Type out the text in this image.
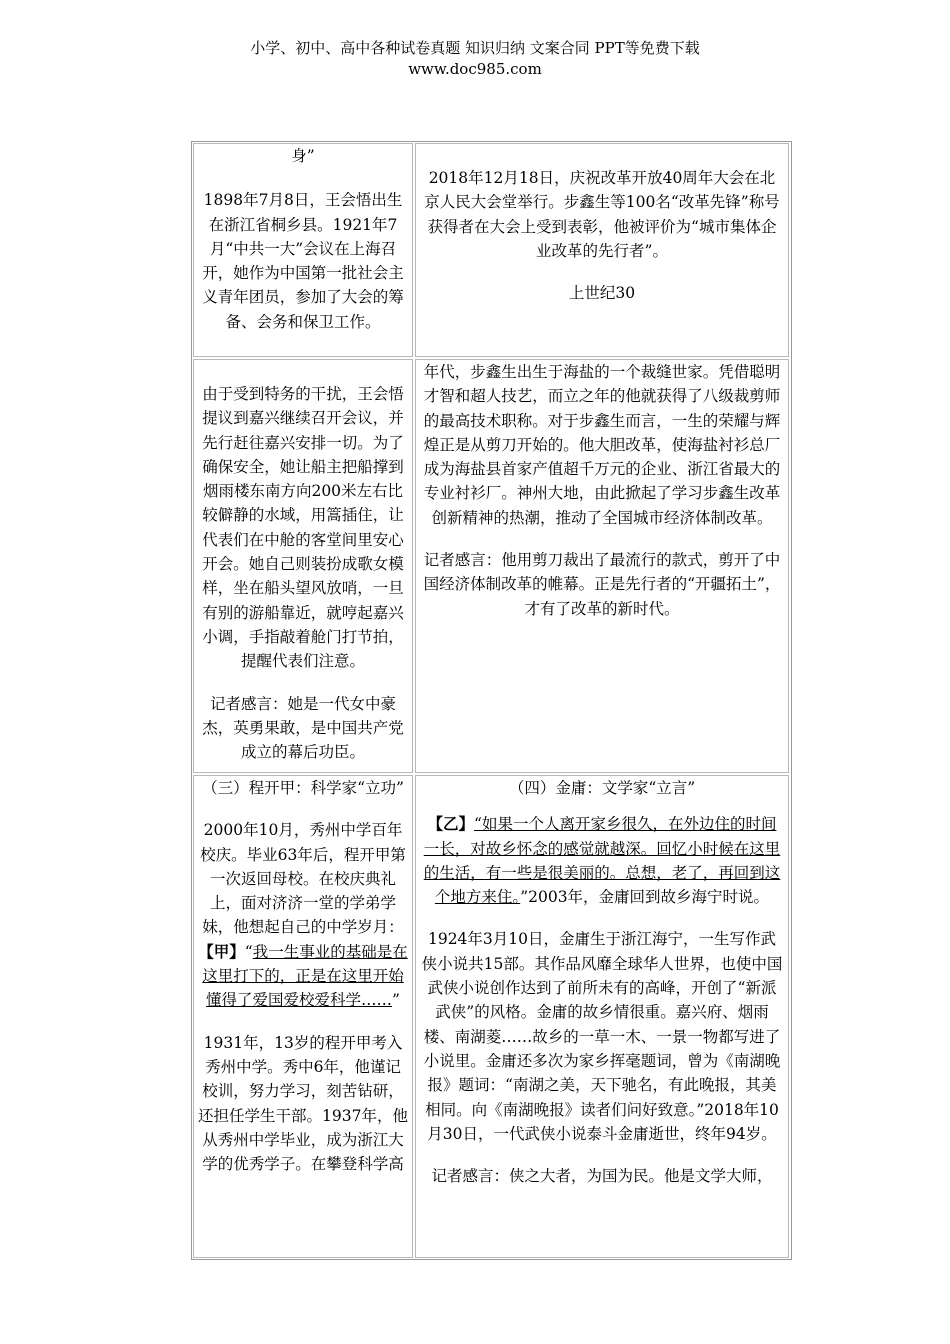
小学、初中、高中各种试卷真题 知识归纳 文案合同 PPT等免费下载
www.doc985.com

身”

1898年7月8日，王会悟出生在浙江省桐乡县。1921年7月“中共一大”会议在上海召开，她作为中国第一批社会主义青年团员，参加了大会的筹备、会务和保卫工作。

2018年12月18日，庆祝改革开放40周年大会在北京人民大会堂举行。步鑫生等100名“改革先锋”称号获得者在大会上受到表彰，他被评价为“城市集体企业改革的先行者”。

上世纪30

由于受到特务的干扰，王会悟提议到嘉兴继续召开会议，并先行赶往嘉兴安排一切。为了确保安全，她让船主把船撑到烟雨楼东南方向200米左右比较僻静的水域，用篙插住，让代表们在中舱的客堂间里安心开会。她自己则装扮成歌女模样，坐在船头望风放哨，一旦有别的游船靠近，就哼起嘉兴小调，手指敲着舱门打节拍，提醒代表们注意。

记者感言：她是一代女中豪杰，英勇果敢，是中国共产党成立的幕后功臣。

年代，步鑫生出生于海盐的一个裁缝世家。凭借聪明才智和超人技艺，而立之年的他就获得了八级裁剪师的最高技术职称。对于步鑫生而言，一生的荣耀与辉煌正是从剪刀开始的。他大胆改革，使海盐衬衫总厂成为海盐县首家产值超千万元的企业、浙江省最大的专业衬衫厂。神州大地，由此掀起了学习步鑫生改革创新精神的热潮，推动了全国城市经济体制改革。

记者感言：他用剪刀裁出了最流行的款式，剪开了中国经济体制改革的帷幕。正是先行者的“开疆拓土”，才有了改革的新时代。

（三）程开甲：科学家“立功”

2000年10月，秀州中学百年校庆。毕业63年后，程开甲第一次返回母校。在校庆典礼上，面对济济一堂的学弟学妹，他想起自己的中学岁月：【甲】“我一生事业的基础是在这里打下的，正是在这里开始懂得了爱国爱校爱科学……”

1931年，13岁的程开甲考入秀州中学。秀中6年，他谨记校训，努力学习，刻苦钻研，还担任学生干部。1937年，他从秀州中学毕业，成为浙江大学的优秀学子。在攀登科学高

（四）金庸：文学家“立言”

【乙】“如果一个人离开家乡很久，在外边住的时间一长，对故乡怀念的感觉就越深。回忆小时候在这里的生活，有一些是很美丽的。总想，老了，再回到这个地方来住。”2003年，金庸回到故乡海宁时说。

1924年3月10日，金庸生于浙江海宁，一生写作武侠小说共15部。其作品风靡全球华人世界，也使中国武侠小说创作达到了前所未有的高峰，开创了“新派武侠”的风格。金庸的故乡情很重。嘉兴府、烟雨楼、南湖菱……故乡的一草一木、一景一物都写进了小说里。金庸还多次为家乡挥毫题词，曾为《南湖晚报》题词：“南湖之美，天下驰名，有此晚报，其美相同。向《南湖晚报》读者们问好致意。”2018年10月30日，一代武侠小说泰斗金庸逝世，终年94岁。

记者感言：侠之大者，为国为民。他是文学大师，
